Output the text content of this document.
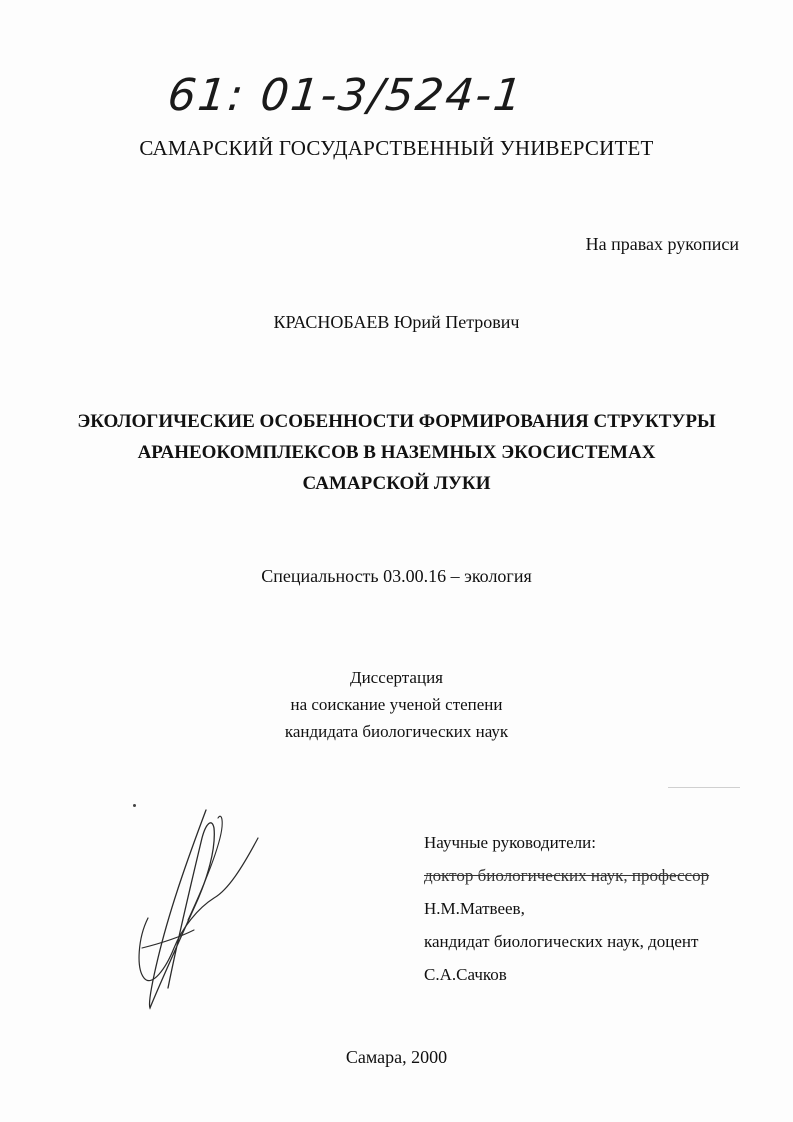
61: 01-3/524-1
САМАРСКИЙ ГОСУДАРСТВЕННЫЙ УНИВЕРСИТЕТ
На правах рукописи
КРАСНОБАЕВ Юрий Петрович
ЭКОЛОГИЧЕСКИЕ ОСОБЕННОСТИ ФОРМИРОВАНИЯ СТРУКТУРЫ
АРАНЕОКОМПЛЕКСОВ В НАЗЕМНЫХ ЭКОСИСТЕМАХ
САМАРСКОЙ ЛУКИ
Специальность 03.00.16 – экология
Диссертация
на соискание ученой степени
кандидата биологических наук
Научные руководители:
доктор биологических наук, профессор
Н.М.Матвеев,
кандидат биологических наук, доцент
С.А.Сачков
Самара, 2000
